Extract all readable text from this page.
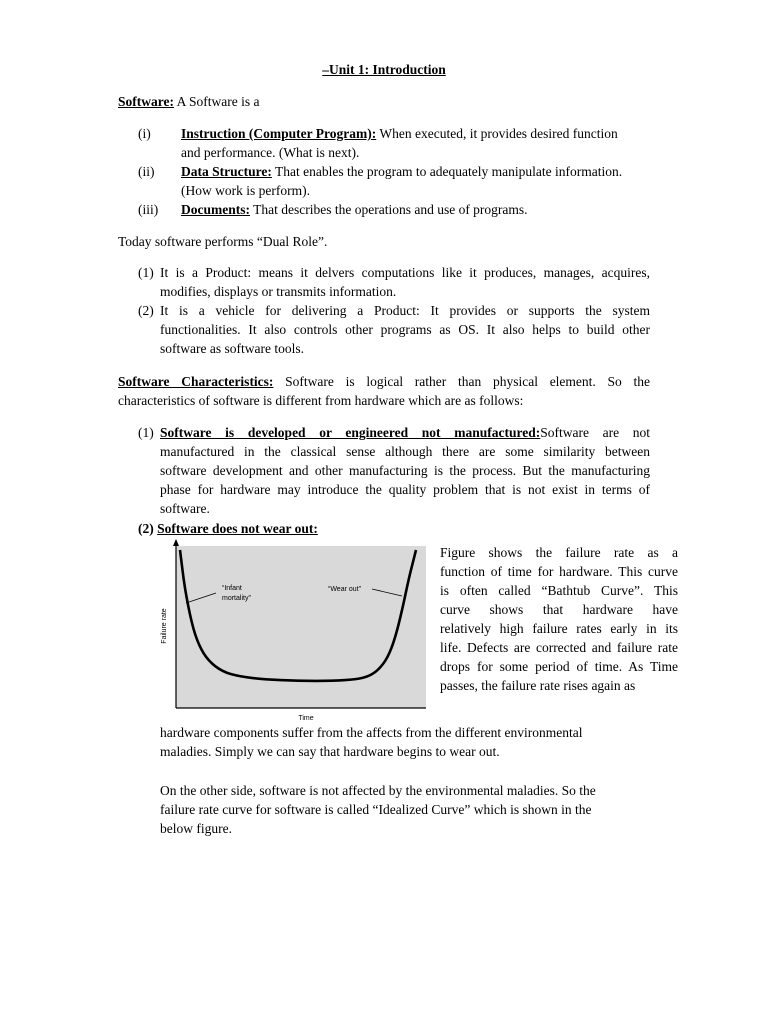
–Unit 1: Introduction
Software: A Software is a
(i) Instruction (Computer Program): When executed, it provides desired function
and performance. (What is next).
(ii) Data Structure: That enables the program to adequately manipulate information.
(How work is perform).
(iii) Documents: That describes the operations and use of programs.
Today software performs “Dual Role”.
(1) It is a Product: means it delvers computations like it produces, manages, acquires,
modifies, displays or transmits information.
(2) It is a vehicle for delivering a Product: It provides or supports the system
functionalities. It also controls other programs as OS. It also helps to build other
software as software tools.
Software Characteristics: Software is logical rather than physical element. So the
characteristics of software is different from hardware which are as follows:
(1) Software is developed or engineered not manufactured:Software are not
manufactured in the classical sense although there are some similarity between
software development and other manufacturing is the process. But the manufacturing
phase for hardware may introduce the quality problem that is not exist in terms of
software.
(2) Software does not wear out:
Failure rate
Time
“Infant mortality”
“Wear out”
Figure shows the failure rate as a
function of time for hardware. This curve
is often called “Bathtub Curve”. This
curve shows that hardware have
relatively high failure rates early in its
life. Defects are corrected and failure rate
drops for some period of time. As Time
passes, the failure rate rises again as
hardware components suffer from the affects from the different environmental
maladies. Simply we can say that hardware begins to wear out.
On the other side, software is not affected by the environmental maladies. So the
failure rate curve for software is called “Idealized Curve” which is shown in the
below figure.
